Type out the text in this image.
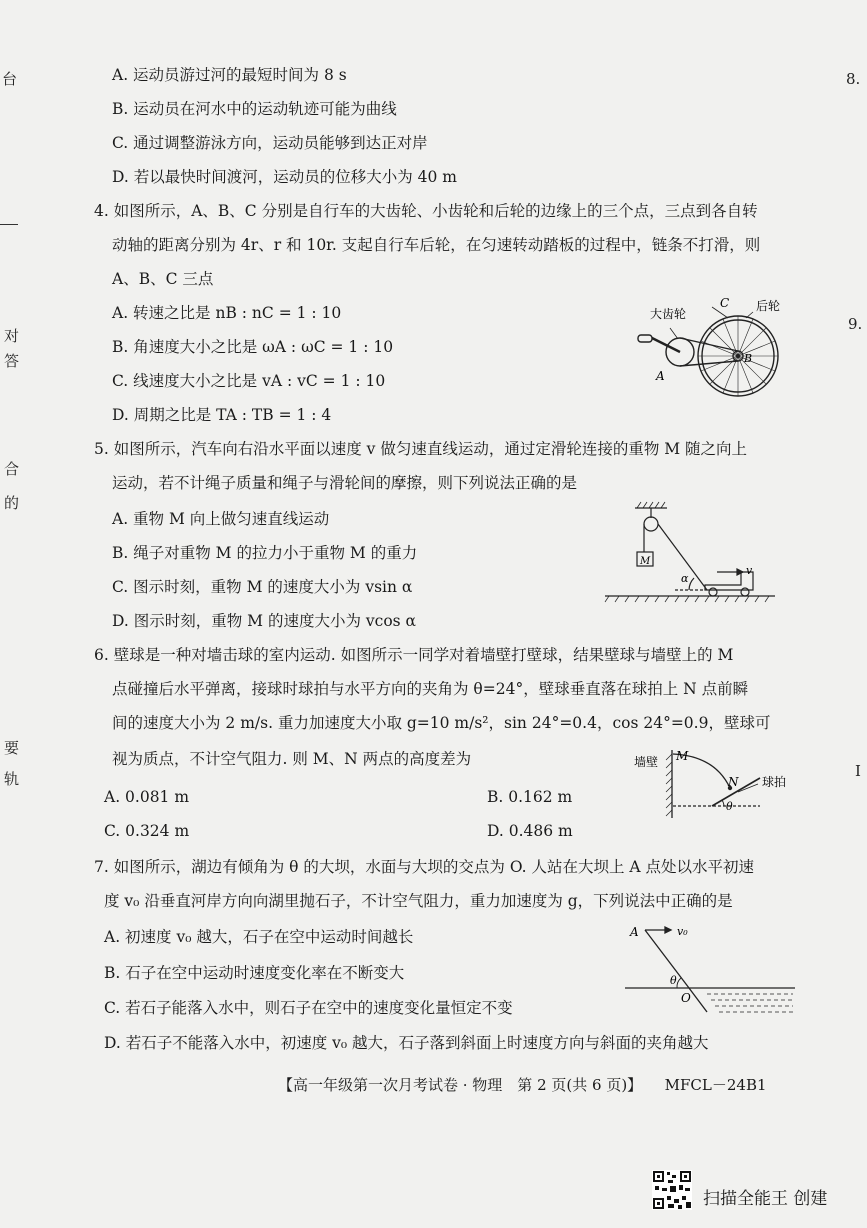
台
对
答
合
的
要
轨
8.
9.
I
A. 运动员游过河的最短时间为 8 s
B. 运动员在河水中的运动轨迹可能为曲线
C. 通过调整游泳方向，运动员能够到达正对岸
D. 若以最快时间渡河，运动员的位移大小为 40 m
4. 如图所示，A、B、C 分别是自行车的大齿轮、小齿轮和后轮的边缘上的三个点，三点到各自转
动轴的距离分别为 4r、r 和 10r. 支起自行车后轮，在匀速转动踏板的过程中，链条不打滑，则
A、B、C 三点
A. 转速之比是 nB : nC = 1 : 10
B. 角速度大小之比是 ωA : ωC = 1 : 10
C. 线速度大小之比是 vA : vC = 1 : 10
D. 周期之比是 TA : TB = 1 : 4
大齿轮
后轮
C
B
A
5. 如图所示，汽车向右沿水平面以速度 v 做匀速直线运动，通过定滑轮连接的重物 M 随之向上
运动，若不计绳子质量和绳子与滑轮间的摩擦，则下列说法正确的是
A. 重物 M 向上做匀速直线运动
B. 绳子对重物 M 的拉力小于重物 M 的重力
C. 图示时刻，重物 M 的速度大小为 vsin α
D. 图示时刻，重物 M 的速度大小为 vcos α
M
v
α
6. 壁球是一种对墙击球的室内运动. 如图所示一同学对着墙壁打壁球，结果壁球与墙壁上的 M
点碰撞后水平弹离，接球时球拍与水平方向的夹角为 θ=24°，壁球垂直落在球拍上 N 点前瞬
间的速度大小为 2 m/s. 重力加速度大小取 g=10 m/s²，sin 24°=0.4，cos 24°=0.9，壁球可
视为质点，不计空气阻力. 则 M、N 两点的高度差为
A. 0.081 m	B. 0.162 m
C. 0.324 m	D. 0.486 m
墙壁 M
N 球拍
θ
7. 如图所示，湖边有倾角为 θ 的大坝，水面与大坝的交点为 O. 人站在大坝上 A 点处以水平初速
度 v₀ 沿垂直河岸方向向湖里抛石子，不计空气阻力，重力加速度为 g，下列说法中正确的是
A. 初速度 v₀ 越大，石子在空中运动时间越长
B. 石子在空中运动时速度变化率在不断变大
C. 若石子能落入水中，则石子在空中的速度变化量恒定不变
D. 若石子不能落入水中，初速度 v₀ 越大，石子落到斜面上时速度方向与斜面的夹角越大
A	v₀
θ
O
【高一年级第一次月考试卷 · 物理　第 2 页(共 6 页)】　　MFCL－24B1
扫描全能王 创建
